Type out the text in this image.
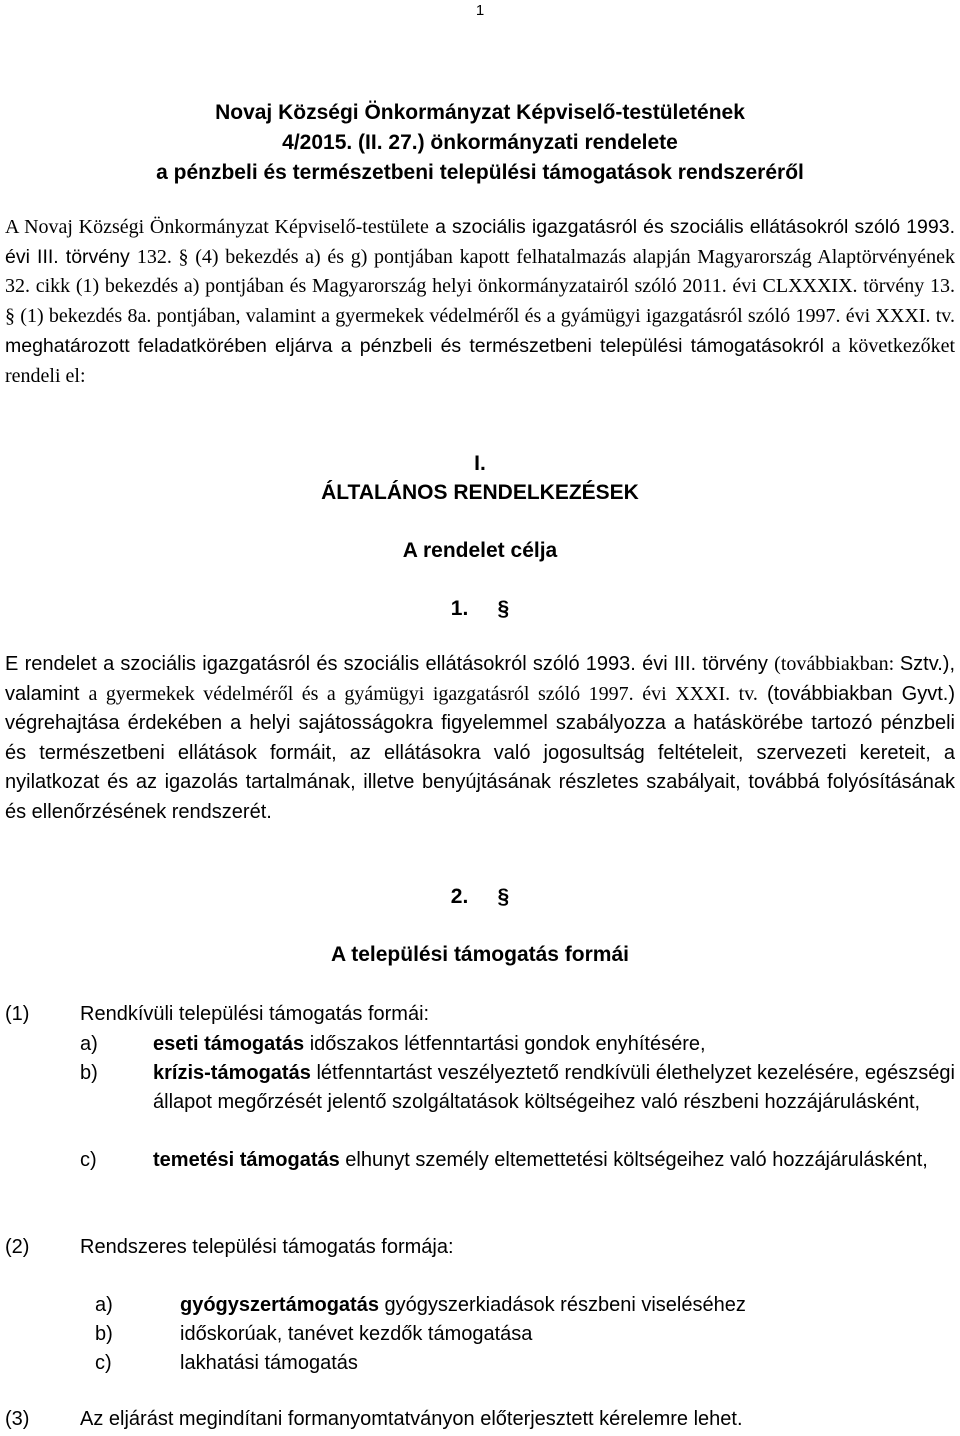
1
Novaj Községi Önkormányzat Képviselő-testületének
4/2015. (II. 27.) önkormányzati rendelete
a pénzbeli és természetbeni települési támogatások rendszeréről
A Novaj Községi Önkormányzat Képviselő-testülete a szociális igazgatásról és szociális ellátásokról szóló 1993. évi III. törvény 132. § (4) bekezdés a) és g) pontjában kapott felhatalmazás alapján Magyarország Alaptörvényének 32. cikk (1) bekezdés a) pontjában és Magyarország helyi önkormányzatairól szóló 2011. évi CLXXXIX. törvény 13. § (1) bekezdés 8a. pontjában, valamint a gyermekek védelméről és a gyámügyi igazgatásról szóló 1997. évi XXXI. tv. meghatározott feladatkörében eljárva a pénzbeli és természetbeni települési támogatásokról a következőket rendeli el:
I.
ÁLTALÁNOS RENDELKEZÉSEK
A rendelet célja
1. §
E rendelet a szociális igazgatásról és szociális ellátásokról szóló 1993. évi III. törvény (továbbiakban: Sztv.), valamint a gyermekek védelméről és a gyámügyi igazgatásról szóló 1997. évi XXXI. tv. (továbbiakban Gyvt.) végrehajtása érdekében a helyi sajátosságokra figyelemmel szabályozza a hatáskörébe tartozó pénzbeli és természetbeni ellátások formáit, az ellátásokra való jogosultság feltételeit, szervezeti kereteit, a nyilatkozat és az igazolás tartalmának, illetve benyújtásának részletes szabályait, továbbá folyósításának és ellenőrzésének rendszerét.
2. §
A települési támogatás formái
(1)	Rendkívüli települési támogatás formái:
a)	eseti támogatás időszakos létfenntartási gondok enyhítésére,
b)	krízis-támogatás létfenntartást veszélyeztető rendkívüli élethelyzet kezelésére, egészségi állapot megőrzését jelentő szolgáltatások költségeihez való részbeni hozzájárulásként,
c)	temetési támogatás elhunyt személy eltemettetési költségeihez való hozzájárulásként,
(2)	Rendszeres települési támogatás formája:
a)	gyógyszertámogatás gyógyszerkiadások részbeni viseléséhez
b)	időskorúak, tanévet kezdők támogatása
c)	lakhatási támogatás
(3)	Az eljárást megindítani formanyomtatványon előterjesztett kérelemre lehet.
